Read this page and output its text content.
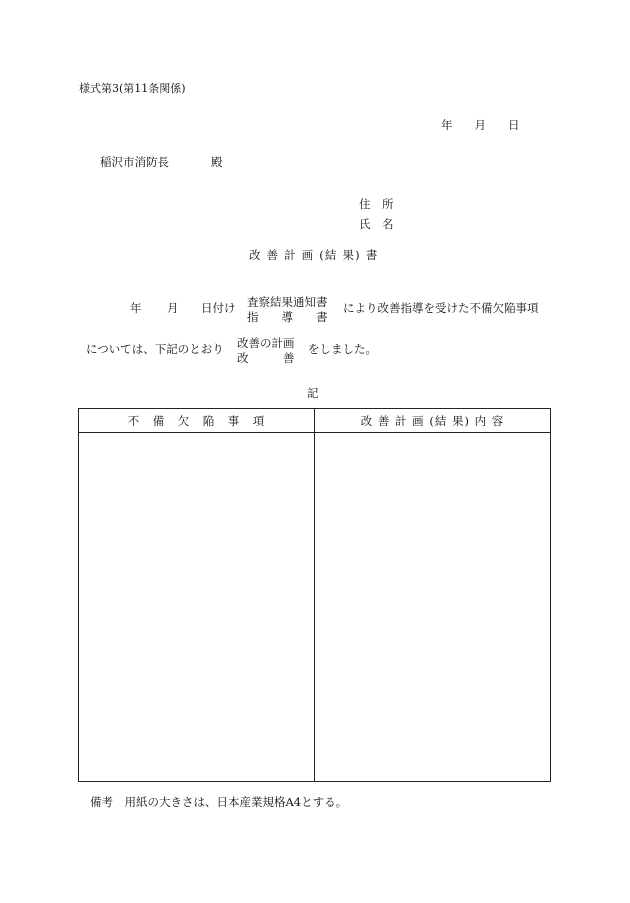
様式第3(第11条関係)
年 月 日
稲沢市消防長	殿
住　所
氏　名
改 善 計 画 (結 果) 書
年 月 日付け 査察結果通知書
指　　導　　書
により改善指導を受けた不備欠陥事項
については、下記のとおり 改善の計画
改　　　善
をしました。
記
不　備　欠　陥　事　項	改 善 計 画 (結 果) 内 容

備考　用紙の大きさは、日本産業規格A4とする。
